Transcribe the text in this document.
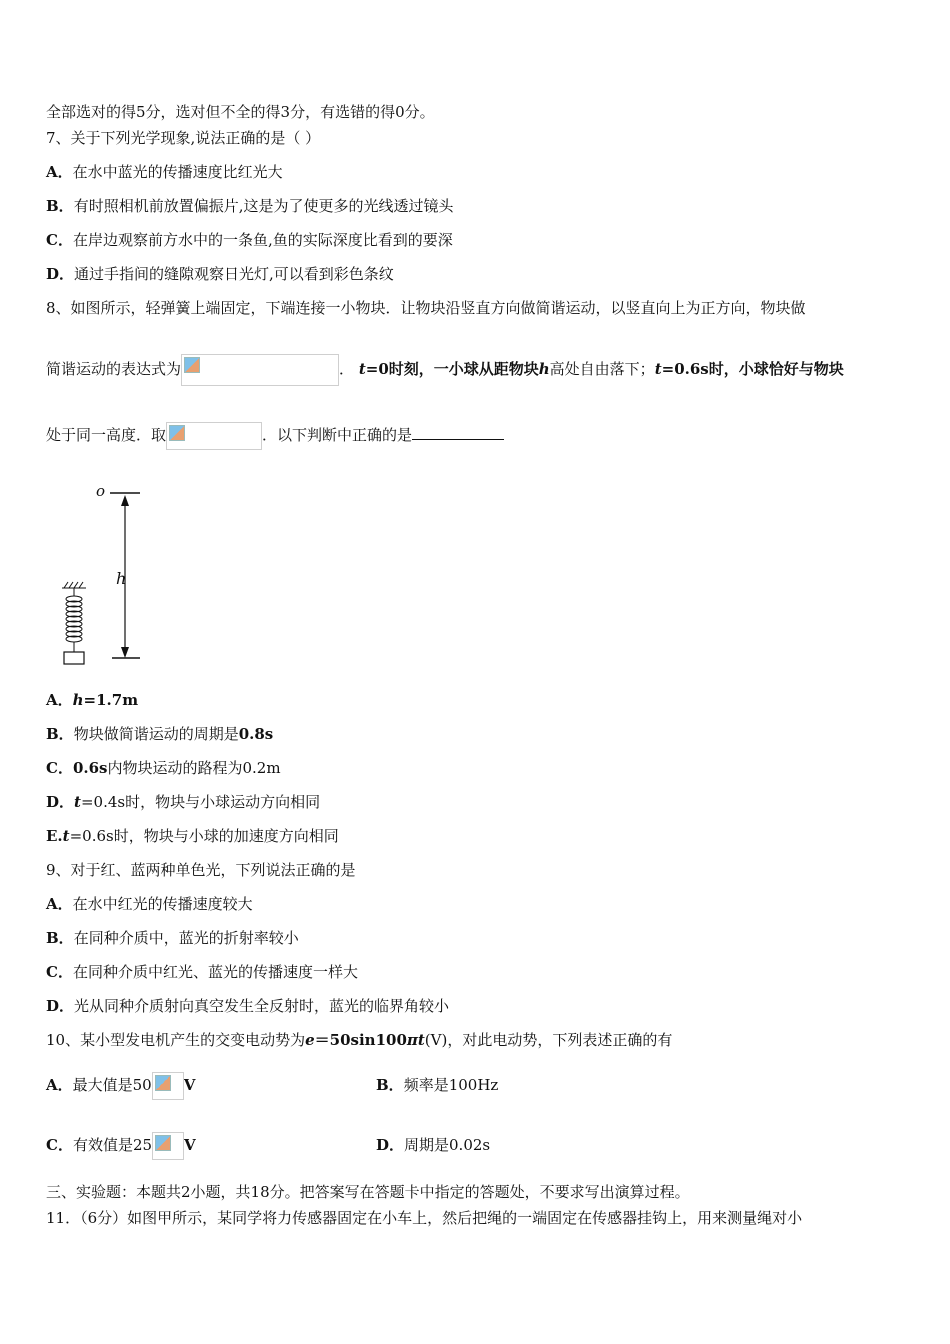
全部选对的得5分，选对但不全的得3分，有选错的得0分。
7、关于下列光学现象,说法正确的是（ ）
A．在水中蓝光的传播速度比红光大
B．有时照相机前放置偏振片,这是为了使更多的光线透过镜头
C．在岸边观察前方水中的一条鱼,鱼的实际深度比看到的要深
D．通过手指间的缝隙观察日光灯,可以看到彩色条纹
8、如图所示，轻弹簧上端固定，下端连接一小物块．让物块沿竖直方向做简谐运动，以竖直向上为正方向，物块做
简谐运动的表达式为	． t=0时刻，一小球从距物块h高处自由落下；t=0.6s时，小球恰好与物块
处于同一高度．取	．以下判断中正确的是
o
h
A．h=1.7m
B．物块做简谐运动的周期是0.8s
C．0.6s内物块运动的路程为0.2m
D．t=0.4s时，物块与小球运动方向相同
E.t=0.6s时，物块与小球的加速度方向相同
9、对于红、蓝两种单色光，下列说法正确的是
A．在水中红光的传播速度较大
B．在同种介质中，蓝光的折射率较小
C．在同种介质中红光、蓝光的传播速度一样大
D．光从同种介质射向真空发生全反射时，蓝光的临界角较小
10、某小型发电机产生的交变电动势为e＝50sin100πt(V)，对此电动势，下列表述正确的有
A．最大值是50 V	B．频率是100Hz
C．有效值是25 V	D．周期是0.02s
三、实验题：本题共2小题，共18分。把答案写在答题卡中指定的答题处，不要求写出演算过程。
11．（6分）如图甲所示，某同学将力传感器固定在小车上，然后把绳的一端固定在传感器挂钩上，用来测量绳对小
